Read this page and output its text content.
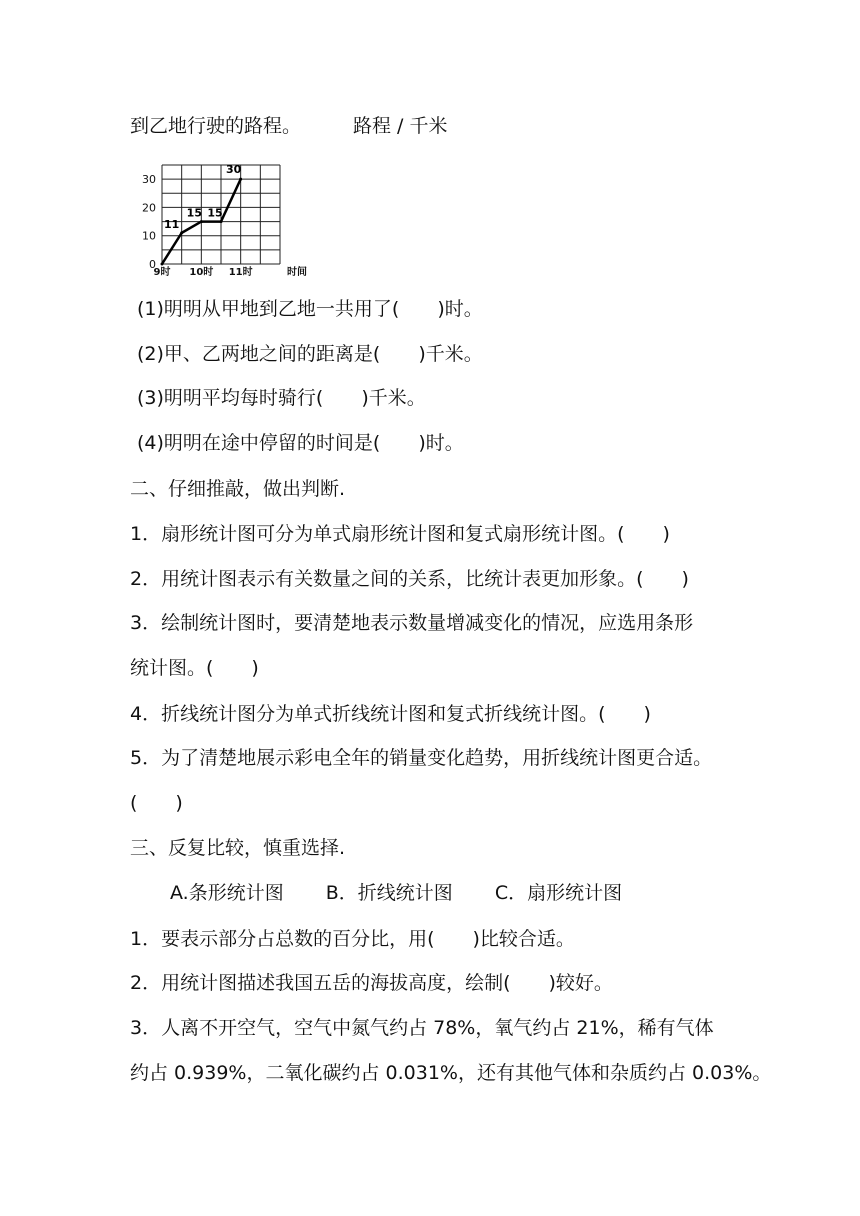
到乙地行驶的路程。	路程 / 千米
0
10
20
30
9时 10时 11时	时间
11
15 15
30
(1)明明从甲地到乙地一共用了(　　)时。
(2)甲、乙两地之间的距离是(　　)千米。
(3)明明平均每时骑行(　　)千米。
(4)明明在途中停留的时间是(　　)时。
二、仔细推敲，做出判断.
1．扇形统计图可分为单式扇形统计图和复式扇形统计图。(　　)
2．用统计图表示有关数量之间的关系，比统计表更加形象。(　　)
3．绘制统计图时，要清楚地表示数量增减变化的情况，应选用条形
统计图。(　　)
4．折线统计图分为单式折线统计图和复式折线统计图。(　　)
5．为了清楚地展示彩电全年的销量变化趋势，用折线统计图更合适。
(　　)
三、反复比较，慎重选择.
A.条形统计图 B．折线统计图 C．扇形统计图
1．要表示部分占总数的百分比，用(　　)比较合适。
2．用统计图描述我国五岳的海拔高度，绘制(　　)较好。
3．人离不开空气，空气中氮气约占 78%，氧气约占 21%，稀有气体
约占 0.939%，二氧化碳约占 0.031%，还有其他气体和杂质约占 0.03%。
